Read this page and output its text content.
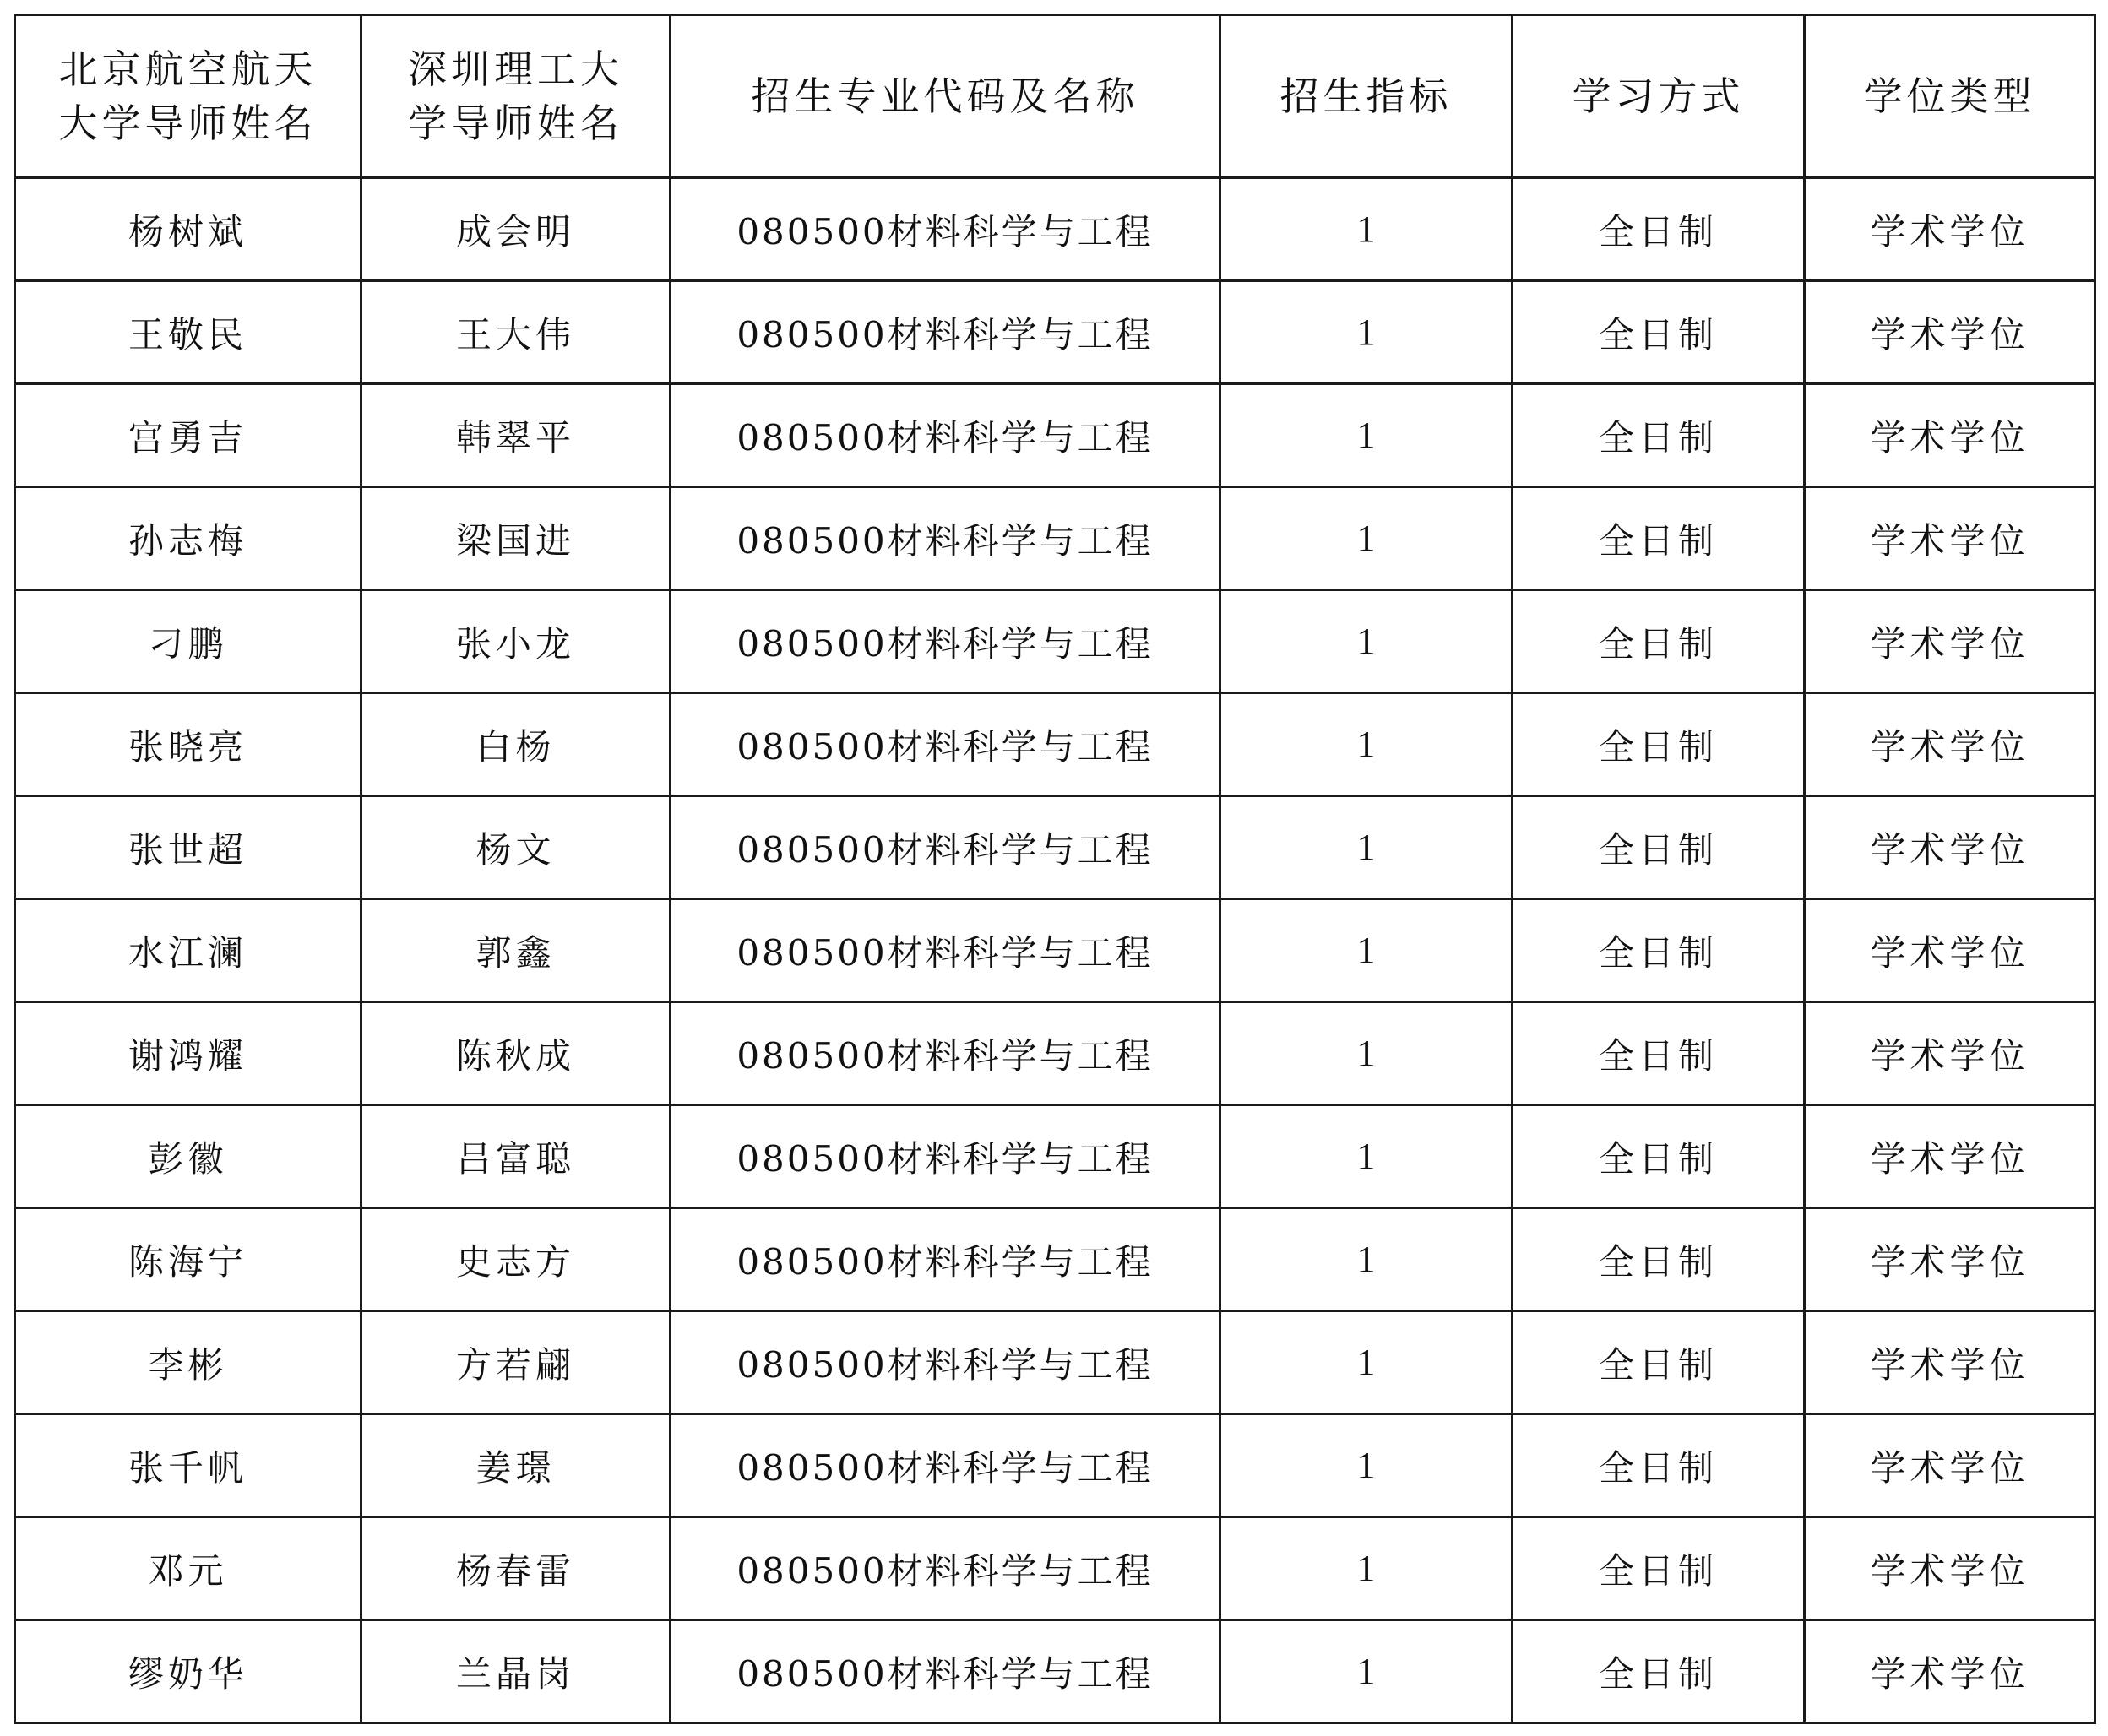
北京航空航天大学导师姓名	深圳理工大学导师姓名	招生专业代码及名称	招生指标	学习方式	学位类型
杨树斌	成会明	080500材料科学与工程	1	全日制	学术学位
王敬民	王大伟	080500材料科学与工程	1	全日制	学术学位
宫勇吉	韩翠平	080500材料科学与工程	1	全日制	学术学位
孙志梅	梁国进	080500材料科学与工程	1	全日制	学术学位
刁鹏	张小龙	080500材料科学与工程	1	全日制	学术学位
张晓亮	白杨	080500材料科学与工程	1	全日制	学术学位
张世超	杨文	080500材料科学与工程	1	全日制	学术学位
水江澜	郭鑫	080500材料科学与工程	1	全日制	学术学位
谢鸿耀	陈秋成	080500材料科学与工程	1	全日制	学术学位
彭徽	吕富聪	080500材料科学与工程	1	全日制	学术学位
陈海宁	史志方	080500材料科学与工程	1	全日制	学术学位
李彬	方若翩	080500材料科学与工程	1	全日制	学术学位
张千帆	姜璟	080500材料科学与工程	1	全日制	学术学位
邓元	杨春雷	080500材料科学与工程	1	全日制	学术学位
缪奶华	兰晶岗	080500材料科学与工程	1	全日制	学术学位
